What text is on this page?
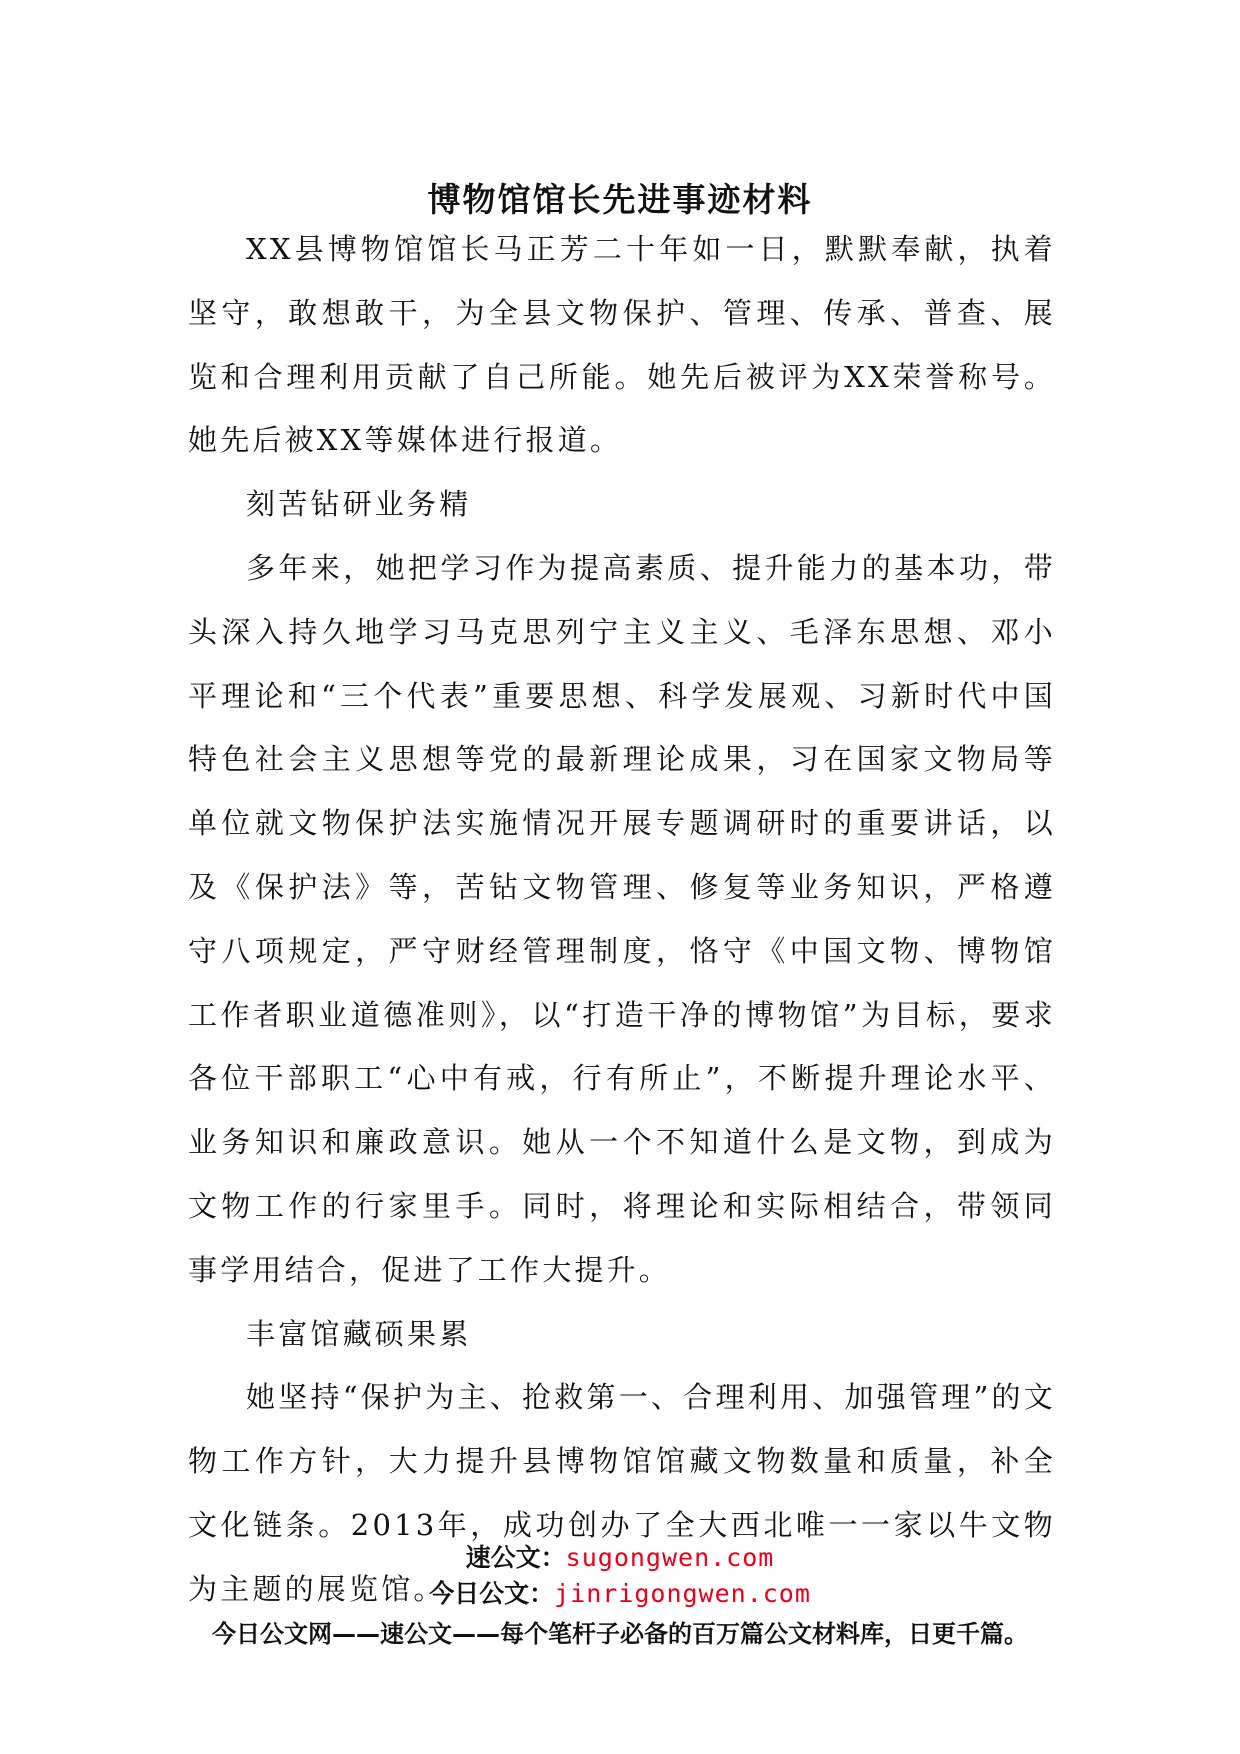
博物馆馆长先进事迹材料

XX县博物馆馆长马正芳二十年如一日，默默奉献，执着坚守，敢想敢干，为全县文物保护、管理、传承、普查、展览和合理利用贡献了自己所能。她先后被评为XX荣誉称号。 她先后被XX等媒体进行报道。

刻苦钻研业务精

多年来，她把学习作为提高素质、提升能力的基本功，带头深入持久地学习马克思列宁主义主义、毛泽东思想、邓小平理论和“三个代表”重要思想、科学发展观、习新时代中国特色社会主义思想等党的最新理论成果，习在国家文物局等单位就文物保护法实施情况开展专题调研时的重要讲话，以及《保护法》等，苦钻文物管理、修复等业务知识，严格遵守八项规定，严守财经管理制度，恪守《中国文物、博物馆工作者职业道德准则》，以“打造干净的博物馆”为目标，要求各位干部职工“心中有戒，行有所止”，不断提升理论水平、业务知识和廉政意识。她从一个不知道什么是文物，到成为文物工作的行家里手。同时，将理论和实际相结合，带领同事学用结合，促进了工作大提升。

丰富馆藏硕果累

她坚持“保护为主、抢救第一、合理利用、加强管理”的文物工作方针，大力提升县博物馆馆藏文物数量和质量，补全文化链条。2013年，成功创办了全大西北唯一一家以牛文物为主题的展览馆。

速公文：sugongwen.com
今日公文：jinrigongwen.com
今日公文网——速公文——每个笔杆子必备的百万篇公文材料库，日更千篇。
